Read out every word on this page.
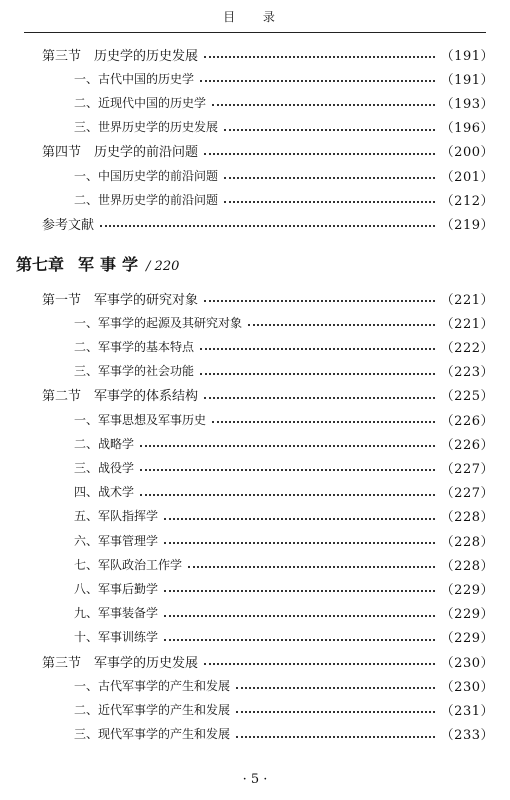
目 录
第三节　历史学的历史发展	（191）
一、古代中国的历史学	（191）
二、近现代中国的历史学	（193）
三、世界历史学的历史发展	（196）
第四节　历史学的前沿问题	（200）
一、中国历史学的前沿问题	（201）
二、世界历史学的前沿问题	（212）
参考文献	（219）
第七章 军事学 / 220
第一节　军事学的研究对象	（221）
一、军事学的起源及其研究对象	（221）
二、军事学的基本特点	（222）
三、军事学的社会功能	（223）
第二节　军事学的体系结构	（225）
一、军事思想及军事历史	（226）
二、战略学	（226）
三、战役学	（227）
四、战术学	（227）
五、军队指挥学	（228）
六、军事管理学	（228）
七、军队政治工作学	（228）
八、军事后勤学	（229）
九、军事装备学	（229）
十、军事训练学	（229）
第三节　军事学的历史发展	（230）
一、古代军事学的产生和发展	（230）
二、近代军事学的产生和发展	（231）
三、现代军事学的产生和发展	（233）
· 5 ·
